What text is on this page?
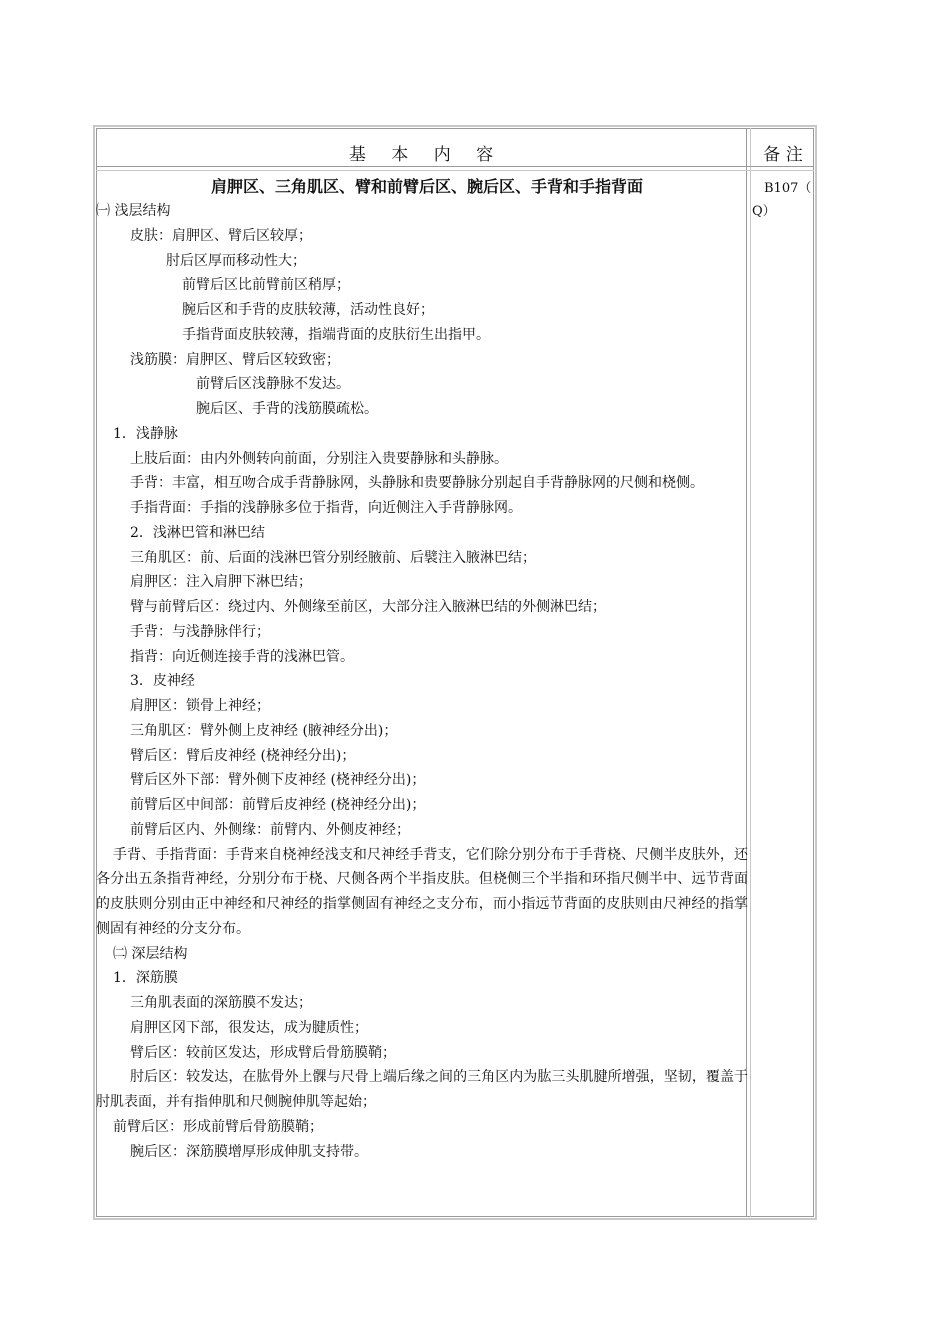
基 本 内 容	备 注
B107（
Q）
肩胛区、三角肌区、臂和前臂后区、腕后区、手背和手指背面
㈠ 浅层结构
皮肤：肩胛区、臂后区较厚；
肘后区厚而移动性大；
前臂后区比前臂前区稍厚；
腕后区和手背的皮肤较薄，活动性良好；
手指背面皮肤较薄，指端背面的皮肤衍生出指甲。
浅筋膜：肩胛区、臂后区较致密；
前臂后区浅静脉不发达。
腕后区、手背的浅筋膜疏松。
1．浅静脉
上肢后面：由内外侧转向前面，分别注入贵要静脉和头静脉。
手背：丰富，相互吻合成手背静脉网，头静脉和贵要静脉分别起自手背静脉网的尺侧和桡侧。
手指背面：手指的浅静脉多位于指背，向近侧注入手背静脉网。
2．浅淋巴管和淋巴结
三角肌区：前、后面的浅淋巴管分别经腋前、后襞注入腋淋巴结；
肩胛区：注入肩胛下淋巴结；
臂与前臂后区：绕过内、外侧缘至前区，大部分注入腋淋巴结的外侧淋巴结；
手背：与浅静脉伴行；
指背：向近侧连接手背的浅淋巴管。
3．皮神经
肩胛区：锁骨上神经；
三角肌区：臂外侧上皮神经 (腋神经分出)；
臂后区：臂后皮神经 (桡神经分出)；
臂后区外下部：臂外侧下皮神经 (桡神经分出)；
前臂后区中间部：前臂后皮神经 (桡神经分出)；
前臂后区内、外侧缘：前臂内、外侧皮神经；
手背、手指背面：手背来自桡神经浅支和尺神经手背支，它们除分别分布于手背桡、尺侧半皮肤外，还各分出五条指背神经，分别分布于桡、尺侧各两个半指皮肤。但桡侧三个半指和环指尺侧半中、远节背面的皮肤则分别由正中神经和尺神经的指掌侧固有神经之支分布，而小指远节背面的皮肤则由尺神经的指掌侧固有神经的分支分布。
㈡ 深层结构
1．深筋膜
三角肌表面的深筋膜不发达；
肩胛区冈下部，很发达，成为腱质性；
臂后区：较前区发达，形成臂后骨筋膜鞘；
肘后区：较发达，在肱骨外上髁与尺骨上端后缘之间的三角区内为肱三头肌腱所增强，坚韧，覆盖于肘肌表面，并有指伸肌和尺侧腕伸肌等起始；
前臂后区：形成前臂后骨筋膜鞘；
腕后区：深筋膜增厚形成伸肌支持带。
